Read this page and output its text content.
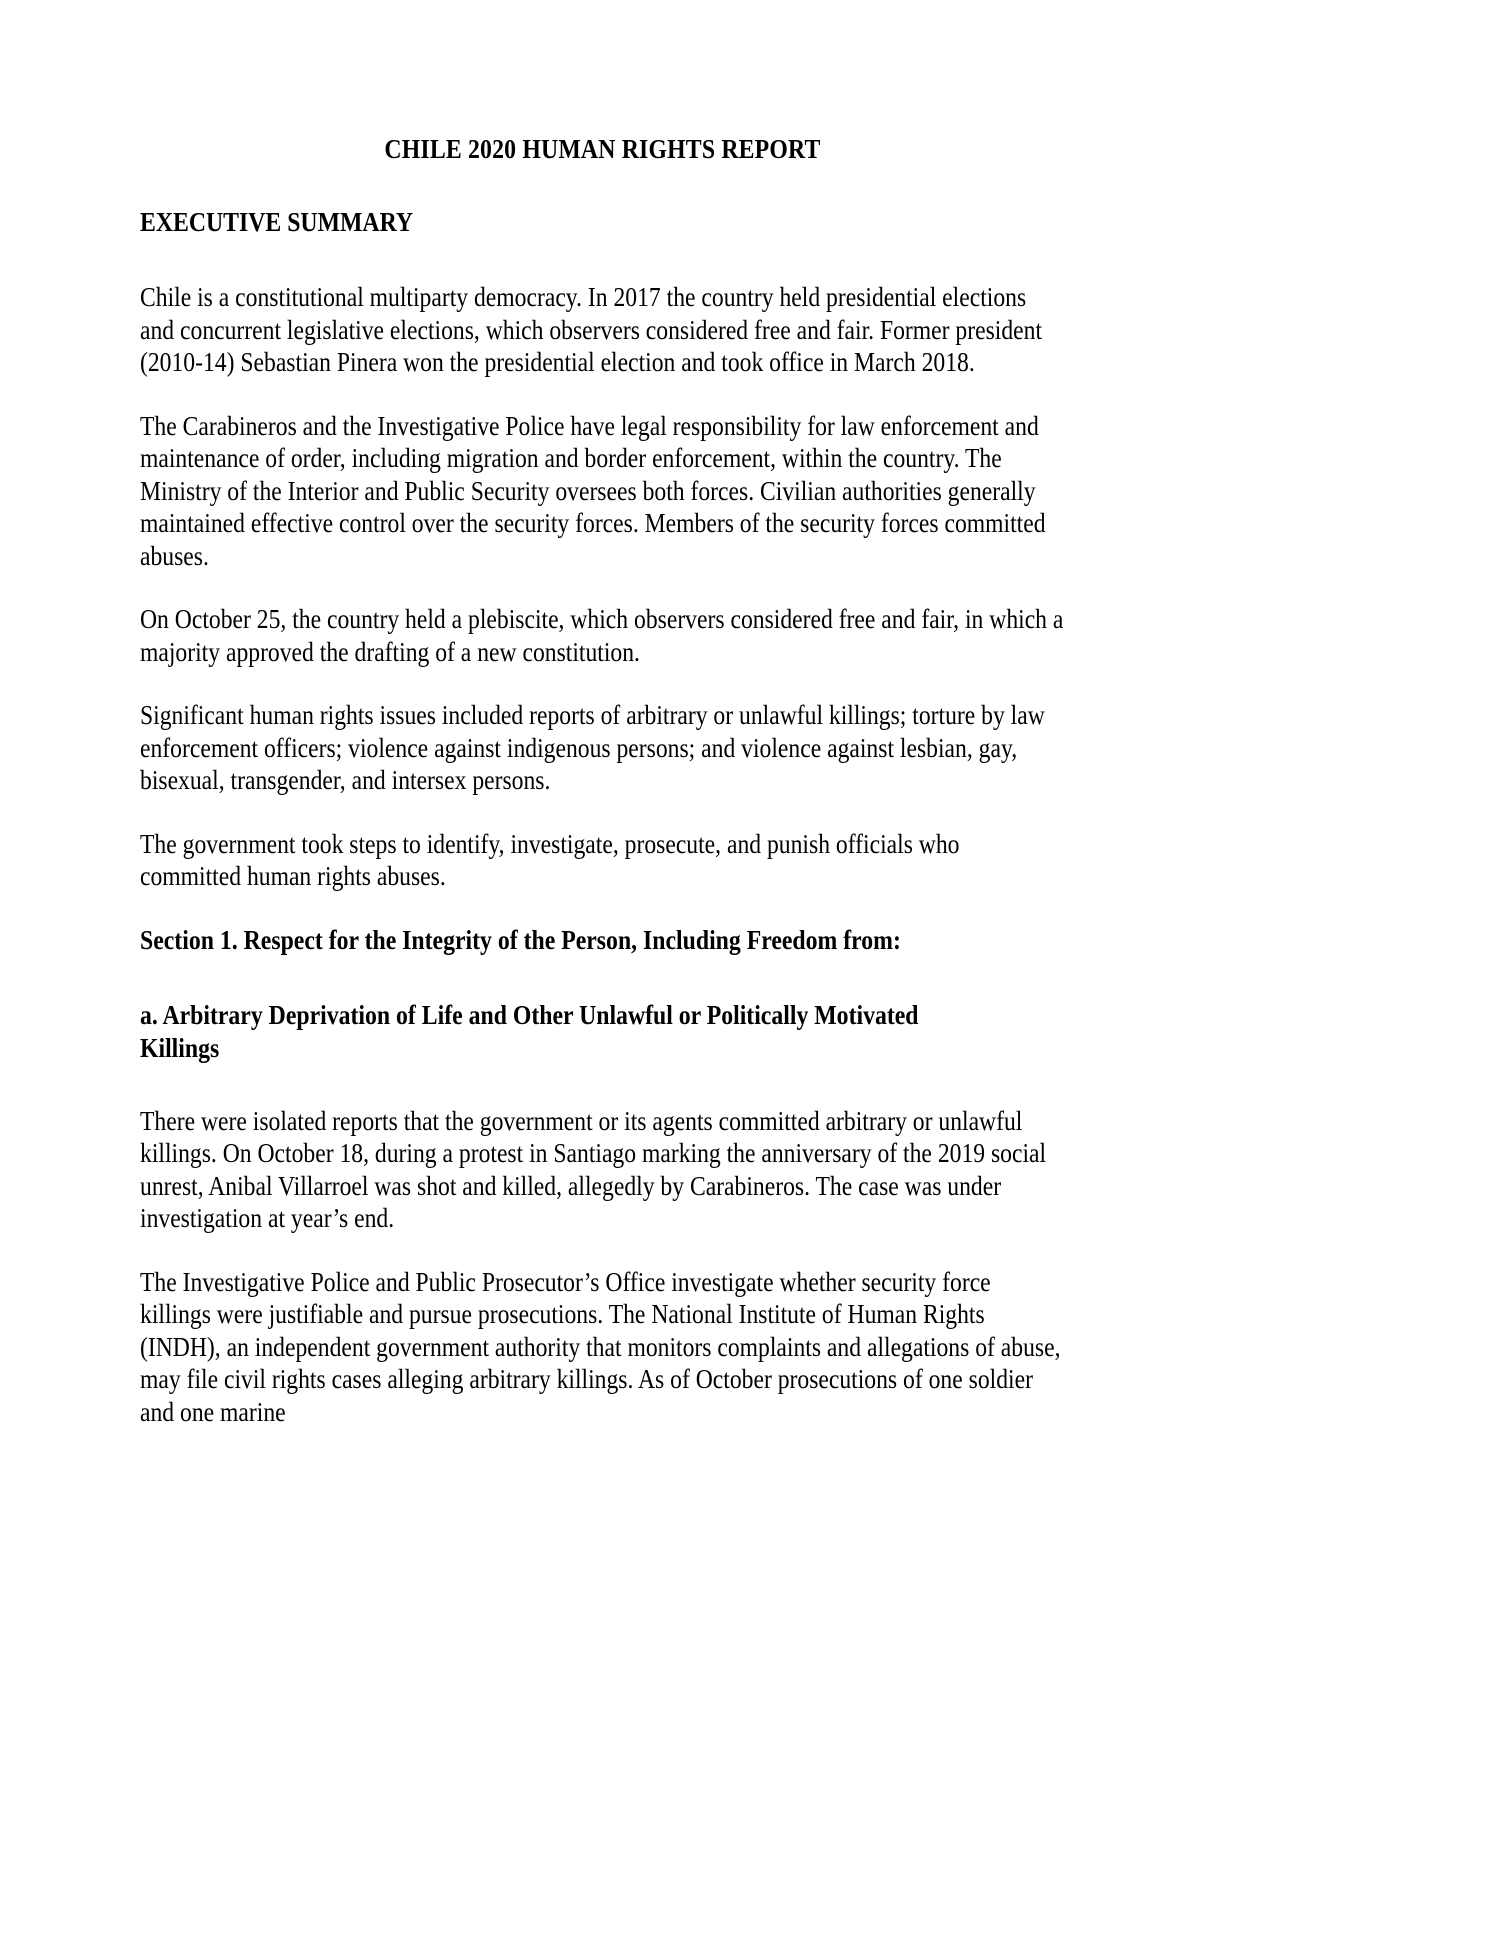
CHILE 2020 HUMAN RIGHTS REPORT
EXECUTIVE SUMMARY

Chile is a constitutional multiparty democracy. In 2017 the country held presidential elections and concurrent legislative elections, which observers considered free and fair. Former president (2010-14) Sebastian Pinera won the presidential election and took office in March 2018.

The Carabineros and the Investigative Police have legal responsibility for law enforcement and maintenance of order, including migration and border enforcement, within the country. The Ministry of the Interior and Public Security oversees both forces. Civilian authorities generally maintained effective control over the security forces. Members of the security forces committed abuses.

On October 25, the country held a plebiscite, which observers considered free and fair, in which a majority approved the drafting of a new constitution.

Significant human rights issues included reports of arbitrary or unlawful killings; torture by law enforcement officers; violence against indigenous persons; and violence against lesbian, gay, bisexual, transgender, and intersex persons.

The government took steps to identify, investigate, prosecute, and punish officials who committed human rights abuses.

Section 1. Respect for the Integrity of the Person, Including Freedom from:
a. Arbitrary Deprivation of Life and Other Unlawful or Politically Motivated Killings

There were isolated reports that the government or its agents committed arbitrary or unlawful killings. On October 18, during a protest in Santiago marking the anniversary of the 2019 social unrest, Anibal Villarroel was shot and killed, allegedly by Carabineros. The case was under investigation at year’s end.

The Investigative Police and Public Prosecutor’s Office investigate whether security force killings were justifiable and pursue prosecutions. The National Institute of Human Rights (INDH), an independent government authority that monitors complaints and allegations of abuse, may file civil rights cases alleging arbitrary killings. As of October prosecutions of one soldier and one marine
